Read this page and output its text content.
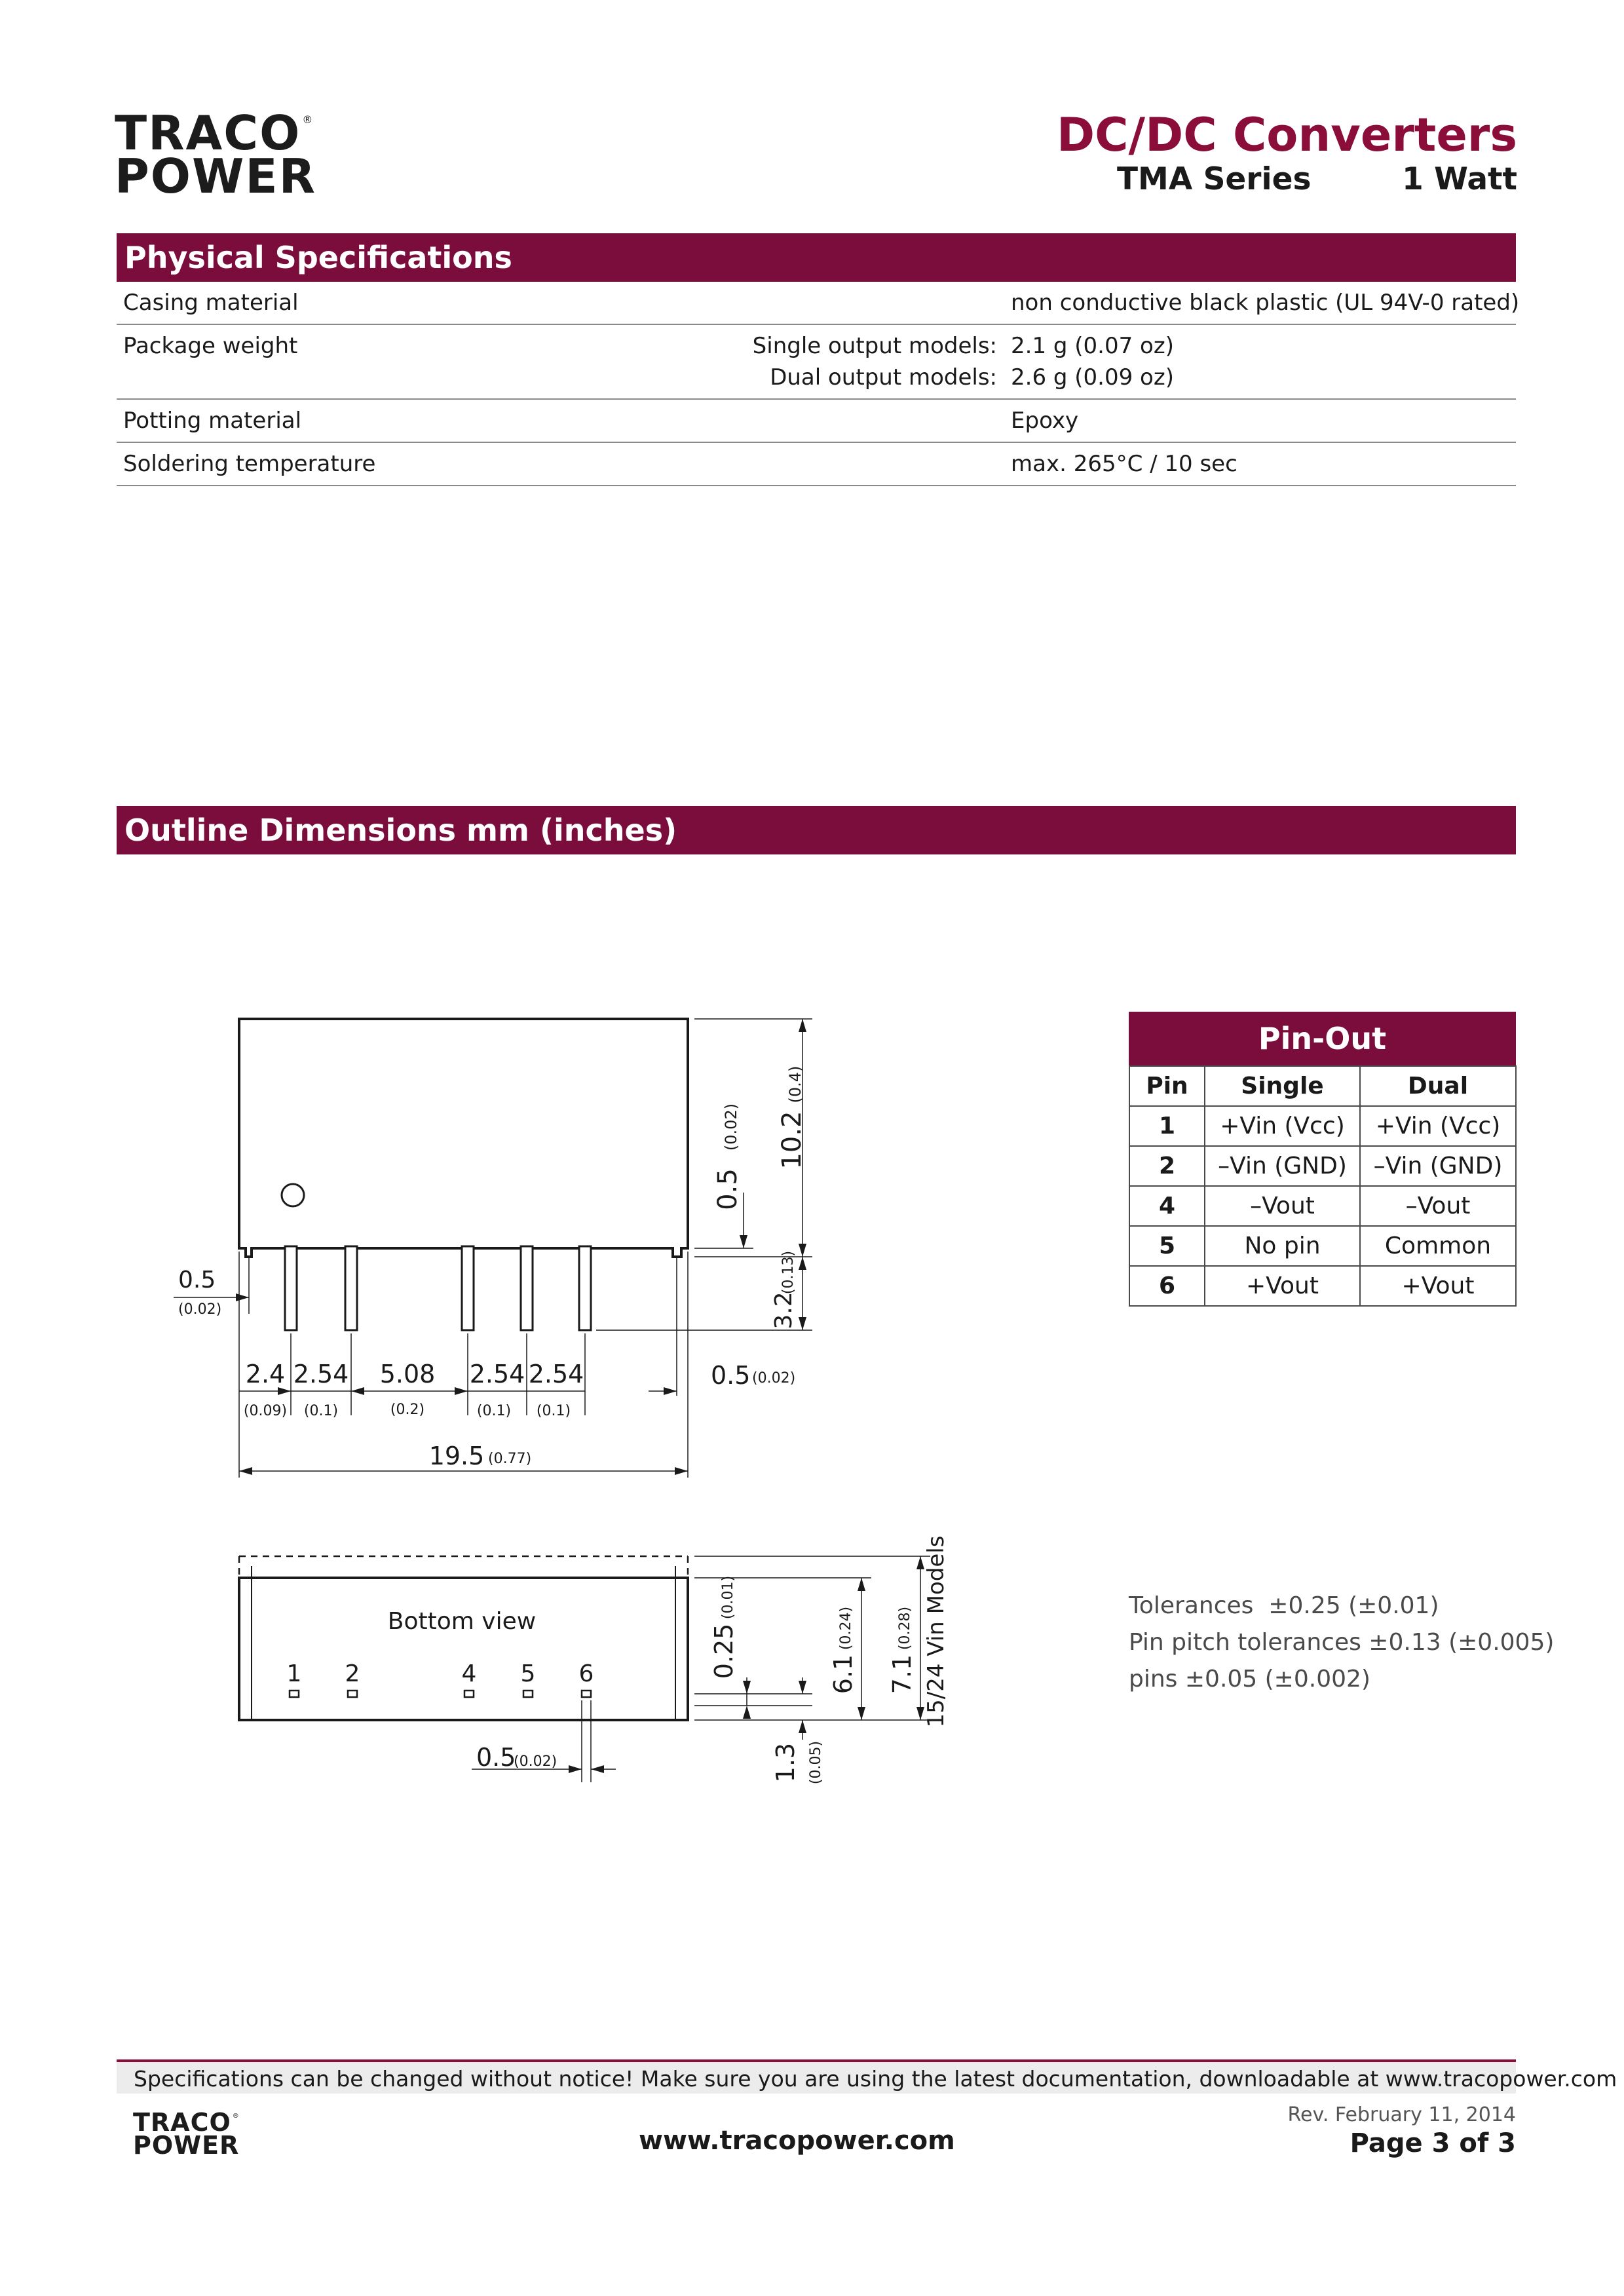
TRACO ®
POWER
DC/DC Converters
TMA Series	1 Watt
Physical Specifications
Casing material	non conductive black plastic (UL 94V-0 rated)
Package weight	Single output models: 2.1 g (0.07 oz)
Dual output models: 2.6 g (0.09 oz)
Potting material	Epoxy
Soldering temperature	max. 265°C / 10 sec
Outline Dimensions mm (inches)
10.2
(0.4)
0.5
(0.02)
3.2
(0.13)
0.5
(0.02)
2.4
(0.09)
2.54
(0.1)
5.08
(0.2)
2.54
(0.1)
2.54
(0.1)
0.5 (0.02)
19.5 (0.77)
Bottom view
1 2	4 5 6
0.5
(0.02)
0.25
(0.01)
6.1
(0.24)
7.1
(0.28) 15/24 Vin Models
1.3 (0.05)
Pin-Out
Pin	Single	Dual
1	+Vin (Vcc)	+Vin (Vcc)
2	–Vin (GND)	–Vin (GND)
4	–Vout	–Vout
5	No pin	Common
6	+Vout	+Vout
Tolerances  ±0.25 (±0.01)
Pin pitch tolerances ±0.13 (±0.005)
pins ±0.05 (±0.002)
Specifications can be changed without notice! Make sure you are using the latest documentation, downloadable at www.tracopower.com
TRACO ®
POWER	www.tracopower.com
Rev. February 11, 2014
Page 3 of 3
